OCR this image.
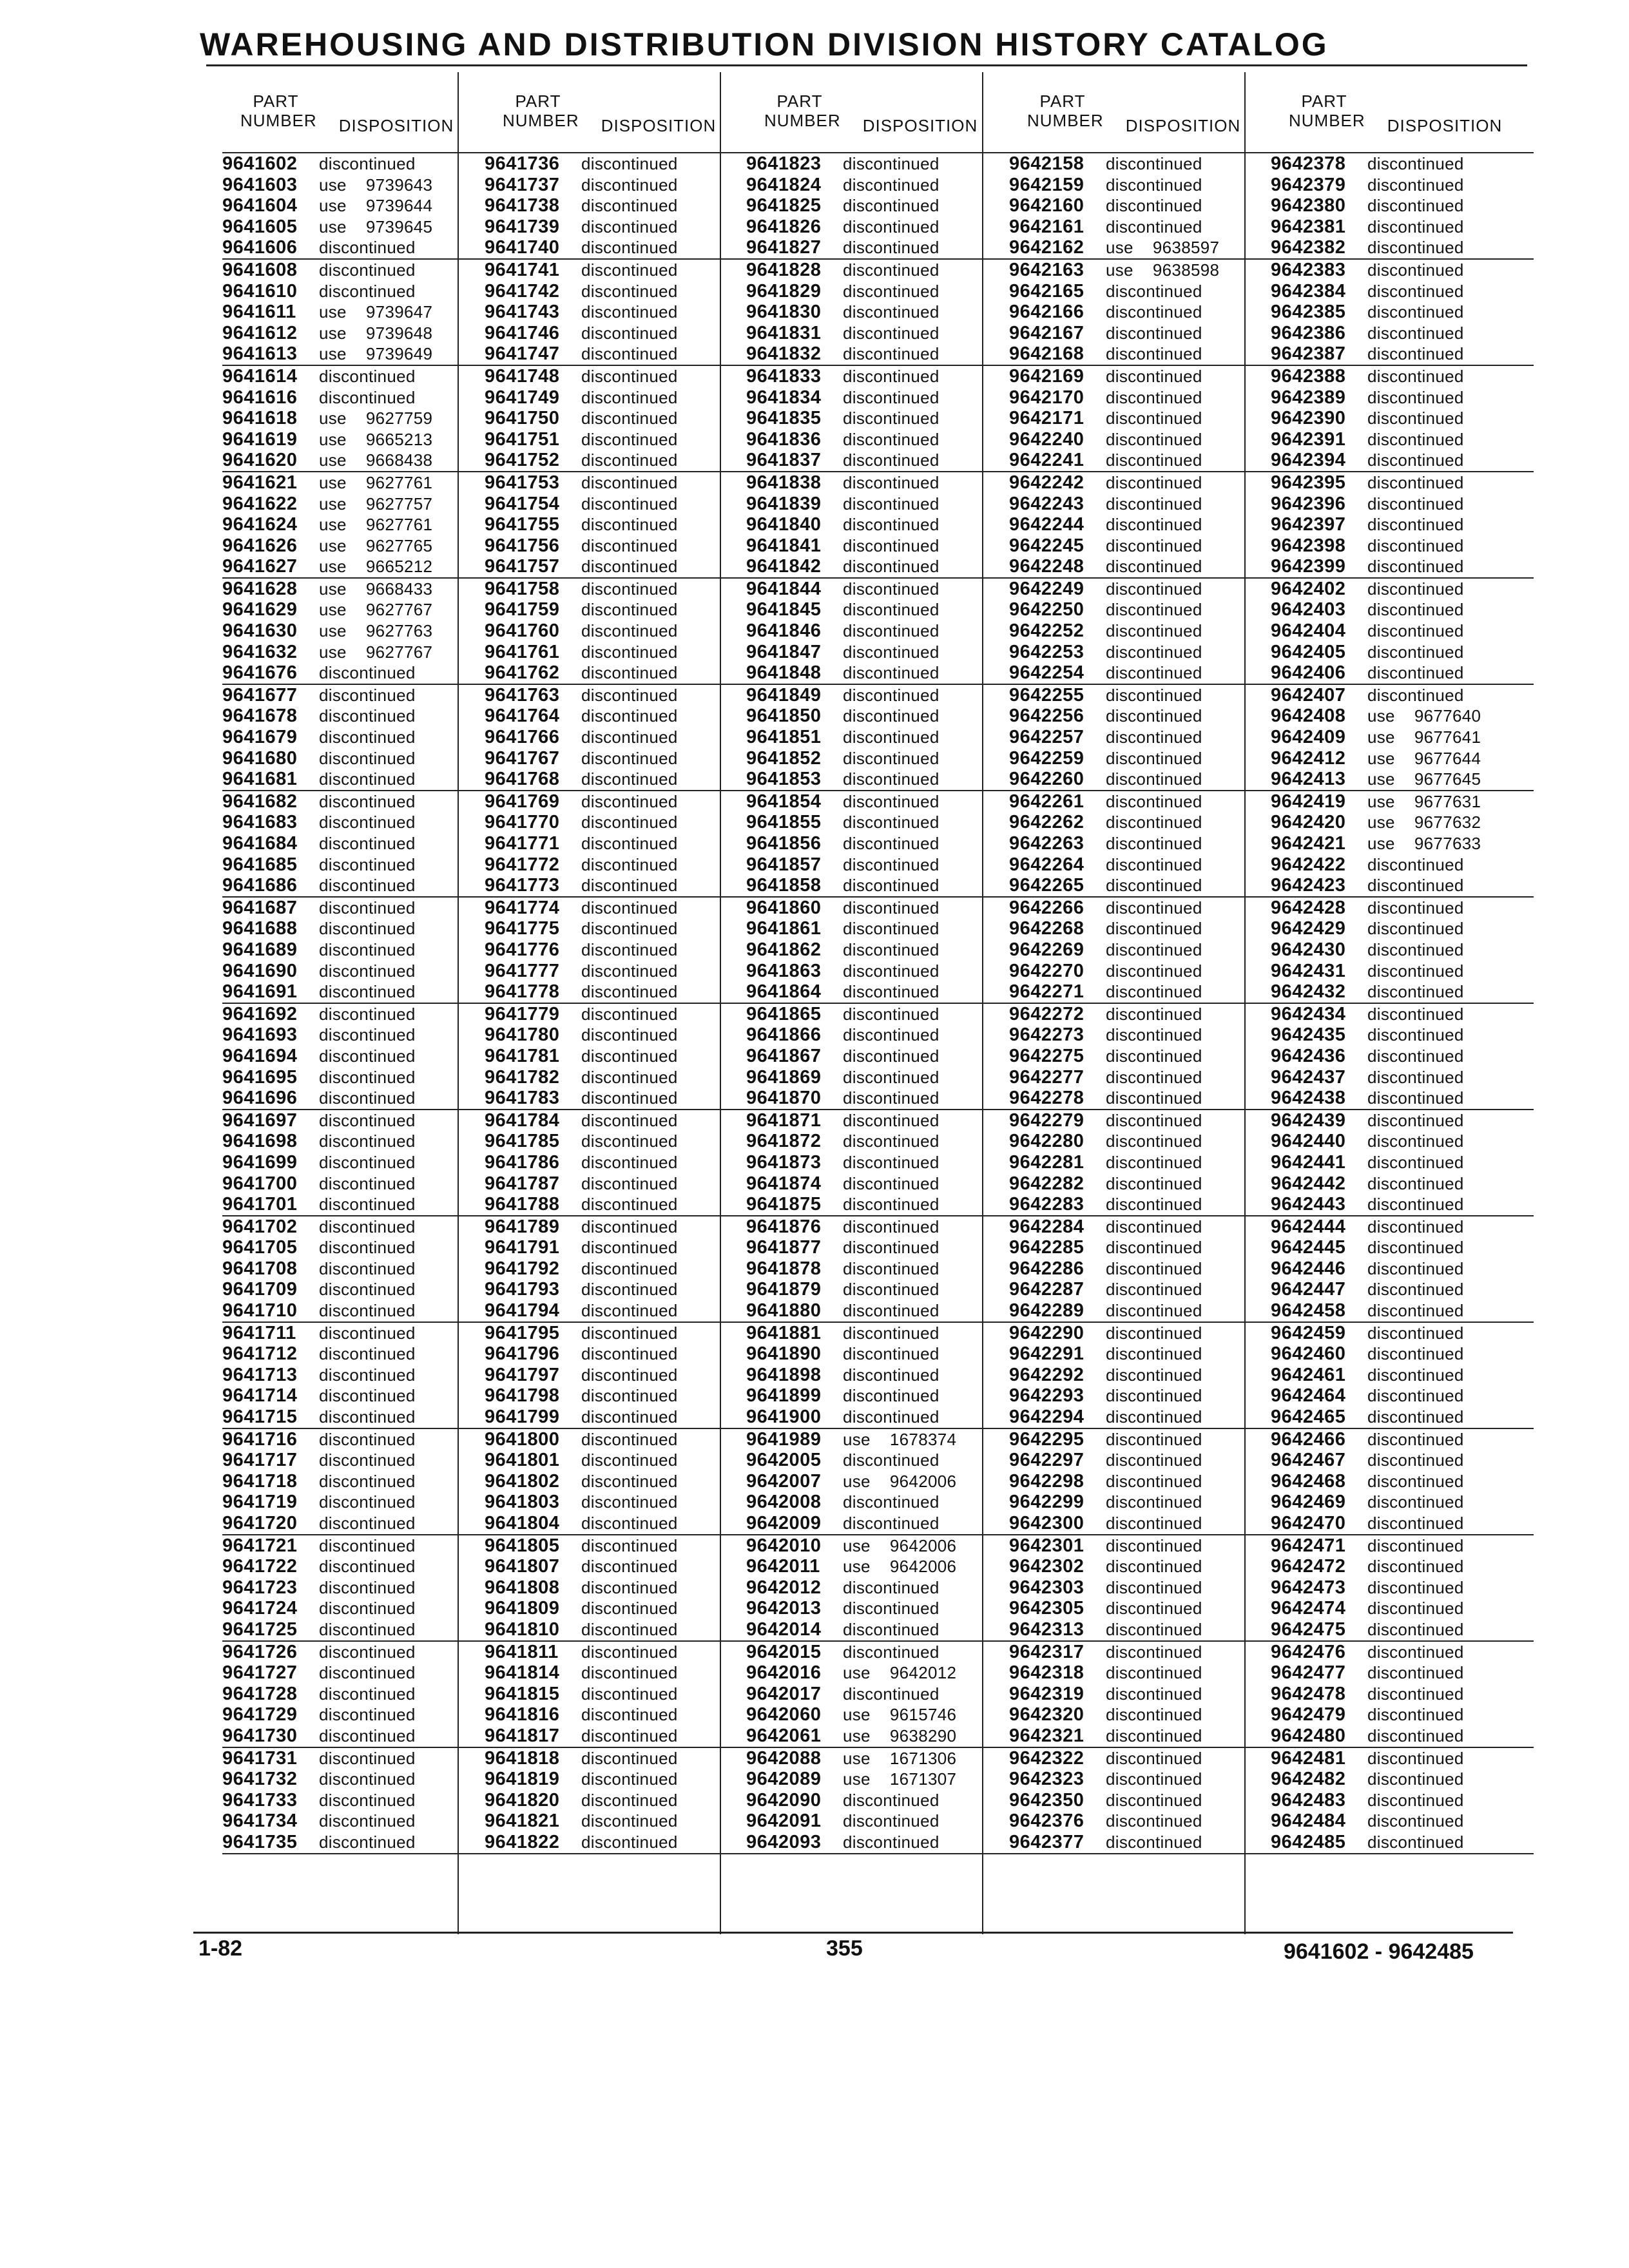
WAREHOUSING AND DISTRIBUTION DIVISION HISTORY CATALOG
PART
NUMBER	DISPOSITION
9641602 discontinued
9641603 use    9739643
9641604 use    9739644
9641605 use    9739645
9641606 discontinued
9641608 discontinued
9641610 discontinued
9641611 use    9739647
9641612 use    9739648
9641613 use    9739649
9641614 discontinued
9641616 discontinued
9641618 use    9627759
9641619 use    9665213
9641620 use    9668438
9641621 use    9627761
9641622 use    9627757
9641624 use    9627761
9641626 use    9627765
9641627 use    9665212
9641628 use    9668433
9641629 use    9627767
9641630 use    9627763
9641632 use    9627767
9641676 discontinued
9641677 discontinued
9641678 discontinued
9641679 discontinued
9641680 discontinued
9641681 discontinued
9641682 discontinued
9641683 discontinued
9641684 discontinued
9641685 discontinued
9641686 discontinued
9641687 discontinued
9641688 discontinued
9641689 discontinued
9641690 discontinued
9641691 discontinued
9641692 discontinued
9641693 discontinued
9641694 discontinued
9641695 discontinued
9641696 discontinued
9641697 discontinued
9641698 discontinued
9641699 discontinued
9641700 discontinued
9641701 discontinued
9641702 discontinued
9641705 discontinued
9641708 discontinued
9641709 discontinued
9641710 discontinued
9641711 discontinued
9641712 discontinued
9641713 discontinued
9641714 discontinued
9641715 discontinued
9641716 discontinued
9641717 discontinued
9641718 discontinued
9641719 discontinued
9641720 discontinued
9641721 discontinued
9641722 discontinued
9641723 discontinued
9641724 discontinued
9641725 discontinued
9641726 discontinued
9641727 discontinued
9641728 discontinued
9641729 discontinued
9641730 discontinued
9641731 discontinued
9641732 discontinued
9641733 discontinued
9641734 discontinued
9641735 discontinued
PART
NUMBER	DISPOSITION
9641736 discontinued
9641737 discontinued
9641738 discontinued
9641739 discontinued
9641740 discontinued
9641741 discontinued
9641742 discontinued
9641743 discontinued
9641746 discontinued
9641747 discontinued
9641748 discontinued
9641749 discontinued
9641750 discontinued
9641751 discontinued
9641752 discontinued
9641753 discontinued
9641754 discontinued
9641755 discontinued
9641756 discontinued
9641757 discontinued
9641758 discontinued
9641759 discontinued
9641760 discontinued
9641761 discontinued
9641762 discontinued
9641763 discontinued
9641764 discontinued
9641766 discontinued
9641767 discontinued
9641768 discontinued
9641769 discontinued
9641770 discontinued
9641771 discontinued
9641772 discontinued
9641773 discontinued
9641774 discontinued
9641775 discontinued
9641776 discontinued
9641777 discontinued
9641778 discontinued
9641779 discontinued
9641780 discontinued
9641781 discontinued
9641782 discontinued
9641783 discontinued
9641784 discontinued
9641785 discontinued
9641786 discontinued
9641787 discontinued
9641788 discontinued
9641789 discontinued
9641791 discontinued
9641792 discontinued
9641793 discontinued
9641794 discontinued
9641795 discontinued
9641796 discontinued
9641797 discontinued
9641798 discontinued
9641799 discontinued
9641800 discontinued
9641801 discontinued
9641802 discontinued
9641803 discontinued
9641804 discontinued
9641805 discontinued
9641807 discontinued
9641808 discontinued
9641809 discontinued
9641810 discontinued
9641811 discontinued
9641814 discontinued
9641815 discontinued
9641816 discontinued
9641817 discontinued
9641818 discontinued
9641819 discontinued
9641820 discontinued
9641821 discontinued
9641822 discontinued
PART
NUMBER	DISPOSITION
9641823 discontinued
9641824 discontinued
9641825 discontinued
9641826 discontinued
9641827 discontinued
9641828 discontinued
9641829 discontinued
9641830 discontinued
9641831 discontinued
9641832 discontinued
9641833 discontinued
9641834 discontinued
9641835 discontinued
9641836 discontinued
9641837 discontinued
9641838 discontinued
9641839 discontinued
9641840 discontinued
9641841 discontinued
9641842 discontinued
9641844 discontinued
9641845 discontinued
9641846 discontinued
9641847 discontinued
9641848 discontinued
9641849 discontinued
9641850 discontinued
9641851 discontinued
9641852 discontinued
9641853 discontinued
9641854 discontinued
9641855 discontinued
9641856 discontinued
9641857 discontinued
9641858 discontinued
9641860 discontinued
9641861 discontinued
9641862 discontinued
9641863 discontinued
9641864 discontinued
9641865 discontinued
9641866 discontinued
9641867 discontinued
9641869 discontinued
9641870 discontinued
9641871 discontinued
9641872 discontinued
9641873 discontinued
9641874 discontinued
9641875 discontinued
9641876 discontinued
9641877 discontinued
9641878 discontinued
9641879 discontinued
9641880 discontinued
9641881 discontinued
9641890 discontinued
9641898 discontinued
9641899 discontinued
9641900 discontinued
9641989 use    1678374
9642005 discontinued
9642007 use    9642006
9642008 discontinued
9642009 discontinued
9642010 use    9642006
9642011 use    9642006
9642012 discontinued
9642013 discontinued
9642014 discontinued
9642015 discontinued
9642016 use    9642012
9642017 discontinued
9642060 use    9615746
9642061 use    9638290
9642088 use    1671306
9642089 use    1671307
9642090 discontinued
9642091 discontinued
9642093 discontinued
PART
NUMBER	DISPOSITION
9642158 discontinued
9642159 discontinued
9642160 discontinued
9642161 discontinued
9642162 use    9638597
9642163 use    9638598
9642165 discontinued
9642166 discontinued
9642167 discontinued
9642168 discontinued
9642169 discontinued
9642170 discontinued
9642171 discontinued
9642240 discontinued
9642241 discontinued
9642242 discontinued
9642243 discontinued
9642244 discontinued
9642245 discontinued
9642248 discontinued
9642249 discontinued
9642250 discontinued
9642252 discontinued
9642253 discontinued
9642254 discontinued
9642255 discontinued
9642256 discontinued
9642257 discontinued
9642259 discontinued
9642260 discontinued
9642261 discontinued
9642262 discontinued
9642263 discontinued
9642264 discontinued
9642265 discontinued
9642266 discontinued
9642268 discontinued
9642269 discontinued
9642270 discontinued
9642271 discontinued
9642272 discontinued
9642273 discontinued
9642275 discontinued
9642277 discontinued
9642278 discontinued
9642279 discontinued
9642280 discontinued
9642281 discontinued
9642282 discontinued
9642283 discontinued
9642284 discontinued
9642285 discontinued
9642286 discontinued
9642287 discontinued
9642289 discontinued
9642290 discontinued
9642291 discontinued
9642292 discontinued
9642293 discontinued
9642294 discontinued
9642295 discontinued
9642297 discontinued
9642298 discontinued
9642299 discontinued
9642300 discontinued
9642301 discontinued
9642302 discontinued
9642303 discontinued
9642305 discontinued
9642313 discontinued
9642317 discontinued
9642318 discontinued
9642319 discontinued
9642320 discontinued
9642321 discontinued
9642322 discontinued
9642323 discontinued
9642350 discontinued
9642376 discontinued
9642377 discontinued
PART
NUMBER	DISPOSITION
9642378 discontinued
9642379 discontinued
9642380 discontinued
9642381 discontinued
9642382 discontinued
9642383 discontinued
9642384 discontinued
9642385 discontinued
9642386 discontinued
9642387 discontinued
9642388 discontinued
9642389 discontinued
9642390 discontinued
9642391 discontinued
9642394 discontinued
9642395 discontinued
9642396 discontinued
9642397 discontinued
9642398 discontinued
9642399 discontinued
9642402 discontinued
9642403 discontinued
9642404 discontinued
9642405 discontinued
9642406 discontinued
9642407 discontinued
9642408 use    9677640
9642409 use    9677641
9642412 use    9677644
9642413 use    9677645
9642419 use    9677631
9642420 use    9677632
9642421 use    9677633
9642422 discontinued
9642423 discontinued
9642428 discontinued
9642429 discontinued
9642430 discontinued
9642431 discontinued
9642432 discontinued
9642434 discontinued
9642435 discontinued
9642436 discontinued
9642437 discontinued
9642438 discontinued
9642439 discontinued
9642440 discontinued
9642441 discontinued
9642442 discontinued
9642443 discontinued
9642444 discontinued
9642445 discontinued
9642446 discontinued
9642447 discontinued
9642458 discontinued
9642459 discontinued
9642460 discontinued
9642461 discontinued
9642464 discontinued
9642465 discontinued
9642466 discontinued
9642467 discontinued
9642468 discontinued
9642469 discontinued
9642470 discontinued
9642471 discontinued
9642472 discontinued
9642473 discontinued
9642474 discontinued
9642475 discontinued
9642476 discontinued
9642477 discontinued
9642478 discontinued
9642479 discontinued
9642480 discontinued
9642481 discontinued
9642482 discontinued
9642483 discontinued
9642484 discontinued
9642485 discontinued
1-82	355	9641602 - 9642485
